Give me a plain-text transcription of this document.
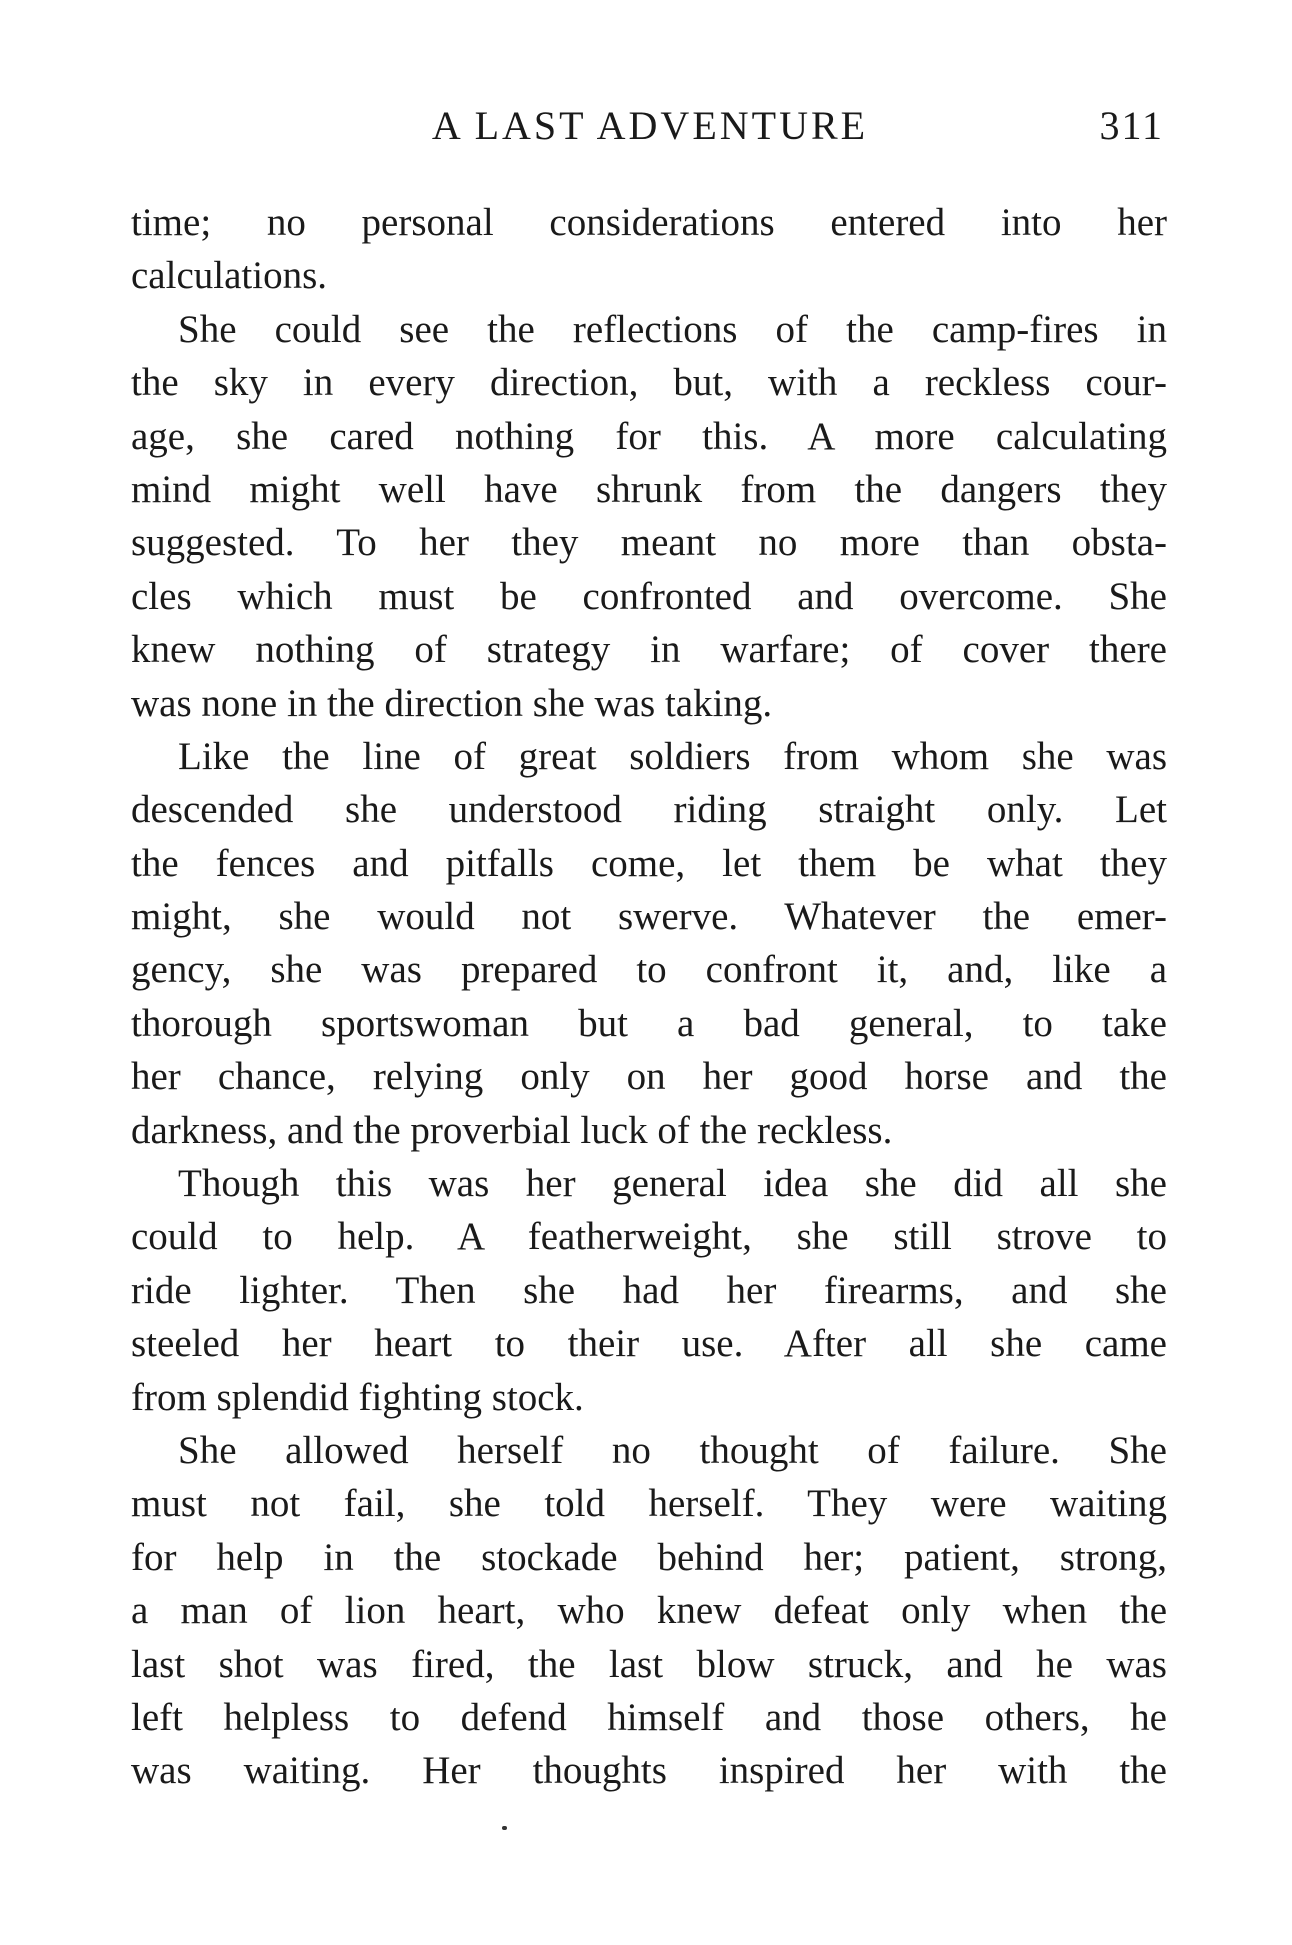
A LAST ADVENTURE	311

time; no personal considerations entered into her
calculations.

She could see the reflections of the camp-fires in
the sky in every direction, but, with a reckless cour-
age, she cared nothing for this. A more calculating
mind might well have shrunk from the dangers they
suggested. To her they meant no more than obsta-
cles which must be confronted and overcome. She
knew nothing of strategy in warfare; of cover there
was none in the direction she was taking.

Like the line of great soldiers from whom she was
descended she understood riding straight only. Let
the fences and pitfalls come, let them be what they
might, she would not swerve. Whatever the emer-
gency, she was prepared to confront it, and, like a
thorough sportswoman but a bad general, to take
her chance, relying only on her good horse and the
darkness, and the proverbial luck of the reckless.

Though this was her general idea she did all she
could to help. A featherweight, she still strove to
ride lighter. Then she had her firearms, and she
steeled her heart to their use. After all she came
from splendid fighting stock.

She allowed herself no thought of failure. She
must not fail, she told herself. They were waiting
for help in the stockade behind her; patient, strong,
a man of lion heart, who knew defeat only when the
last shot was fired, the last blow struck, and he was
left helpless to defend himself and those others, he
was waiting. Her thoughts inspired her with the
